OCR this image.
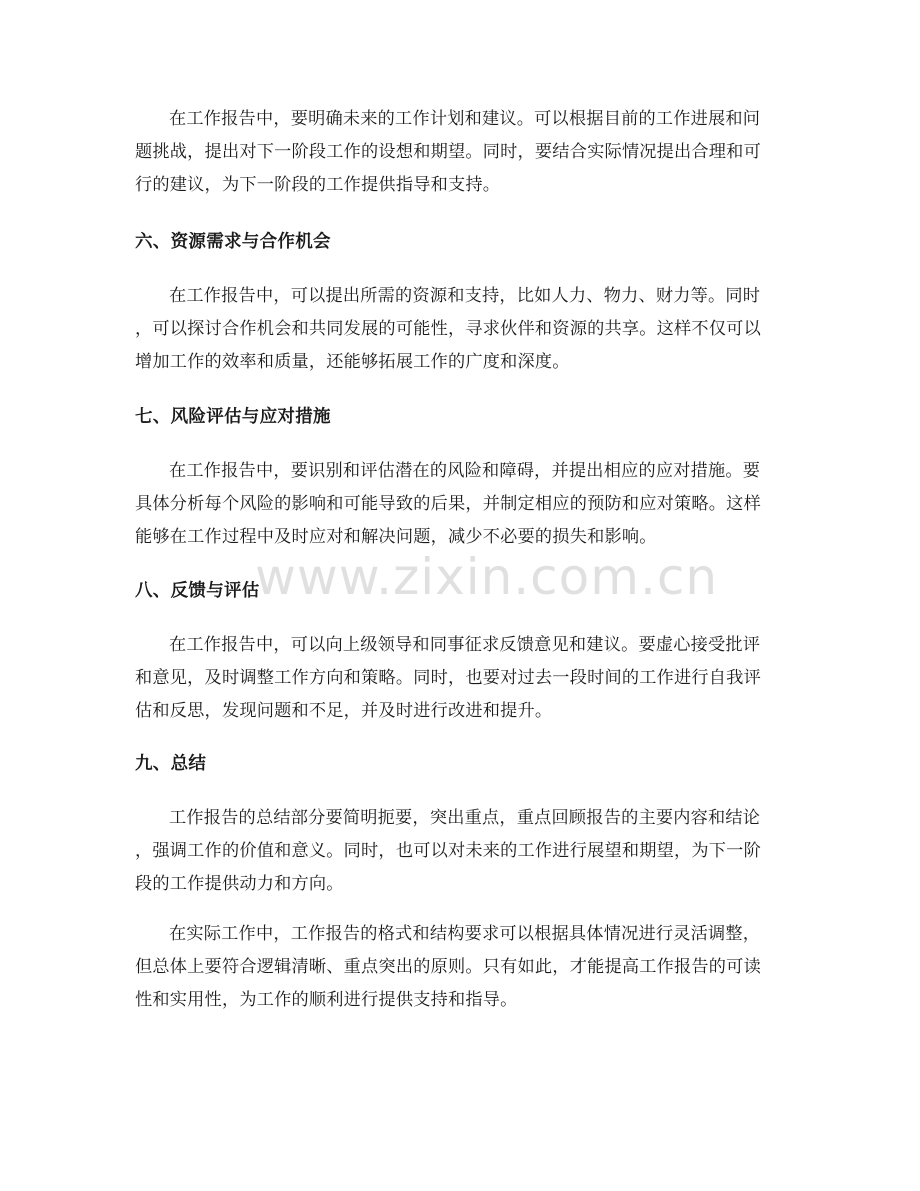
在工作报告中，要明确未来的工作计划和建议。可以根据目前的工作进展和问
题挑战，提出对下一阶段工作的设想和期望。同时，要结合实际情况提出合理和可
行的建议，为下一阶段的工作提供指导和支持。

六、资源需求与合作机会

在工作报告中，可以提出所需的资源和支持，比如人力、物力、财力等。同时
，可以探讨合作机会和共同发展的可能性，寻求伙伴和资源的共享。这样不仅可以
增加工作的效率和质量，还能够拓展工作的广度和深度。

七、风险评估与应对措施

在工作报告中，要识别和评估潜在的风险和障碍，并提出相应的应对措施。要
具体分析每个风险的影响和可能导致的后果，并制定相应的预防和应对策略。这样
能够在工作过程中及时应对和解决问题，减少不必要的损失和影响。

八、反馈与评估

在工作报告中，可以向上级领导和同事征求反馈意见和建议。要虚心接受批评
和意见，及时调整工作方向和策略。同时，也要对过去一段时间的工作进行自我评
估和反思，发现问题和不足，并及时进行改进和提升。

九、总结

工作报告的总结部分要简明扼要，突出重点，重点回顾报告的主要内容和结论
，强调工作的价值和意义。同时，也可以对未来的工作进行展望和期望，为下一阶
段的工作提供动力和方向。

在实际工作中，工作报告的格式和结构要求可以根据具体情况进行灵活调整，
但总体上要符合逻辑清晰、重点突出的原则。只有如此，才能提高工作报告的可读
性和实用性，为工作的顺利进行提供支持和指导。

www.zixin.com.cn
